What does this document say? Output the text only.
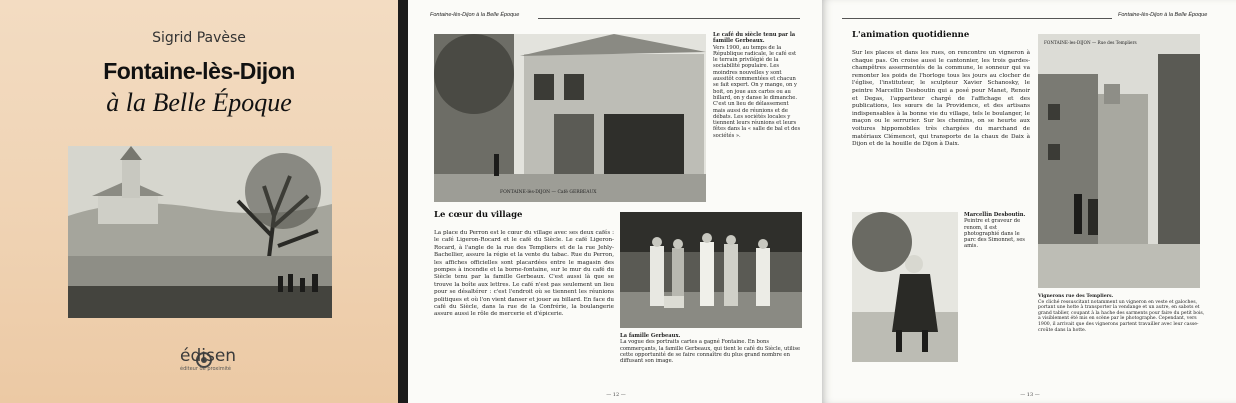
Sigrid Pavèse
Fontaine-lès-Dijon
à la Belle Époque
édisen
éditeur de proximité
Fontaine-lès-Dijon à la Belle Époque
FONTAINE-lès-DIJON — Café GERBEAUX
Le café du siècle tenu par la famille Gerbeaux.
Vers 1900, au temps de la République radicale, le café est le terrain privilégié de la sociabilité populaire. Les moindres nouvelles y sont aussitôt commentées et chacun se fait expert. On y mange, on y boit, on joue aux cartes ou au billard, on y danse le dimanche. C'est un lieu de délassement mais aussi de réunions et de débats. Les sociétés locales y tiennent leurs réunions et leurs fêtes dans la « salle de bal et des sociétés ».
Le cœur du village
La place du Perron est le cœur du village avec ses deux cafés : le café Ligeron-Rocard et le café du Siècle. Le café Ligeron-Rocard, à l'angle de la rue des Templiers et de la rue Jehly-Bachellier, assure la régie et la vente du tabac. Rue du Perron, les affiches officielles sont placardées entre le magasin des pompes à incendie et la borne-fontaine, sur le mur du café du Siècle tenu par la famille Gerbeaux. C'est aussi là que se trouve la boîte aux lettres. Le café n'est pas seulement un lieu pour se désaltérer : c'est l'endroit où se tiennent les réunions politiques et où l'on vient danser et jouer au billard. En face du café du Siècle, dans la rue de la Confrérie, la boulangerie assure aussi le rôle de mercerie et d'épicerie.
La famille Gerbeaux.
La vogue des portraits cartes a gagné Fontaine. En bons commerçants, la famille Gerbeaux, qui tient le café du Siècle, utilise cette opportunité de se faire connaître du plus grand nombre en diffusant son image.
— 12 —
Fontaine-lès-Dijon à la Belle Époque
L'animation quotidienne
Sur les places et dans les rues, on rencontre un vigneron à chaque pas. On croise aussi le cantonnier, les trois gardes-champêtres assermentés de la commune, le sonneur qui va remonter les poids de l'horloge tous les jours au clocher de l'église, l'instituteur, le sculpteur Xavier Schanosky, le peintre Marcellin Desboutin qui a posé pour Manet, Renoir et Degas, l'appariteur chargé de l'affichage et des publications, les sœurs de la Providence, et des artisans indispensables à la bonne vie du village, tels le boulanger, le maçon ou le serrurier. Sur les chemins, on se heurte aux voitures hippomobiles très chargées du marchand de matériaux Clémencet, qui transporte de la chaux de Daix à Dijon et de la houille de Dijon à Daix.
FONTAINE-les-DIJON — Rue des Templiers
Marcellin Desboutin.
Peintre et graveur de renom, il est photographié dans le parc des Simonnet, ses amis.
Vignerons rue des Templiers.
Ce cliché ressuscitant notamment un vigneron en veste et galoches, portant une hotte à transporter la vendange et un autre, en sabots et grand tablier, coupant à la hache des sarments pour faire du petit bois, a visiblement été mis en scène par le photographe. Cependant, vers 1900, il arrivait que des vignerons partent travailler avec leur casse-croûte dans la hotte.
— 13 —
